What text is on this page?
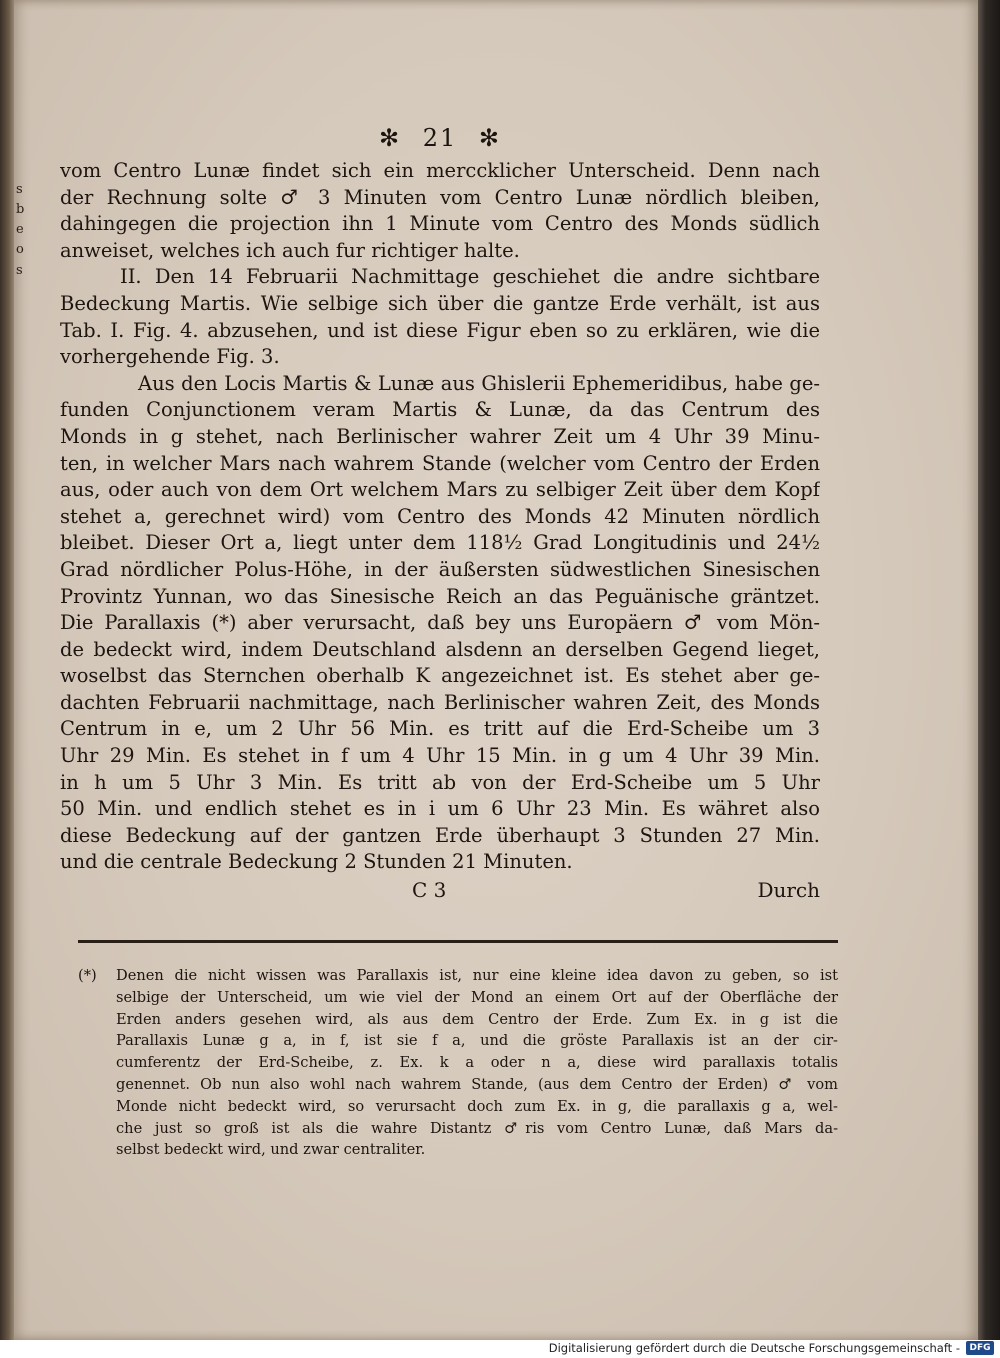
s
b
e
o
s
✻ 21 ✻
vom Centro Lunæ findet sich ein merccklicher Unterscheid. Denn nach
der Rechnung solte ♂ 3 Minuten vom Centro Lunæ nördlich bleiben,
dahingegen die projection ihn 1 Minute vom Centro des Monds südlich
anweiset, welches ich auch fur richtiger halte.
II. Den 14 Februarii Nachmittage geschiehet die andre sichtbare
Bedeckung Martis. Wie selbige sich über die gantze Erde verhält, ist aus
Tab. I. Fig. 4. abzusehen, und ist diese Figur eben so zu erklären, wie die
vorhergehende Fig. 3.
Aus den Locis Martis & Lunæ aus Ghislerii Ephemeridibus, habe ge-
funden Conjunctionem veram Martis & Lunæ, da das Centrum des
Monds in g stehet, nach Berlinischer wahrer Zeit um 4 Uhr 39 Minu-
ten, in welcher Mars nach wahrem Stande (welcher vom Centro der Erden
aus, oder auch von dem Ort welchem Mars zu selbiger Zeit über dem Kopf
stehet a, gerechnet wird) vom Centro des Monds 42 Minuten nördlich
bleibet. Dieser Ort a, liegt unter dem 118½ Grad Longitudinis und 24½
Grad nördlicher Polus-Höhe, in der äußersten südwestlichen Sinesischen
Provintz Yunnan, wo das Sinesische Reich an das Peguänische gräntzet.
Die Parallaxis (*) aber verursacht, daß bey uns Europäern ♂ vom Mön-
de bedeckt wird, indem Deutschland alsdenn an derselben Gegend lieget,
woselbst das Sternchen oberhalb K angezeichnet ist. Es stehet aber ge-
dachten Februarii nachmittage, nach Berlinischer wahren Zeit, des Monds
Centrum in e, um 2 Uhr 56 Min. es tritt auf die Erd-Scheibe um 3
Uhr 29 Min. Es stehet in f um 4 Uhr 15 Min. in g um 4 Uhr 39 Min.
in h um 5 Uhr 3 Min. Es tritt ab von der Erd-Scheibe um 5 Uhr
50 Min. und endlich stehet es in i um 6 Uhr 23 Min. Es währet also
diese Bedeckung auf der gantzen Erde überhaupt 3 Stunden 27 Min.
und die centrale Bedeckung 2 Stunden 21 Minuten.
C 3	Durch
(*) Denen die nicht wissen was Parallaxis ist, nur eine kleine idea davon zu geben, so ist
selbige der Unterscheid, um wie viel der Mond an einem Ort auf der Oberfläche der
Erden anders gesehen wird, als aus dem Centro der Erde. Zum Ex. in g ist die
Parallaxis Lunæ g a, in f, ist sie f a, und die gröste Parallaxis ist an der cir-
cumferentz der Erd-Scheibe, z. Ex. k a oder n a, diese wird parallaxis totalis
genennet. Ob nun also wohl nach wahrem Stande, (aus dem Centro der Erden) ♂ vom
Monde nicht bedeckt wird, so verursacht doch zum Ex. in g, die parallaxis g a, wel-
che just so groß ist als die wahre Distantz ♂ris vom Centro Lunæ, daß Mars da-
selbst bedeckt wird, und zwar centraliter.
Digitalisierung gefördert durch die Deutsche Forschungsgemeinschaft -	DFG
